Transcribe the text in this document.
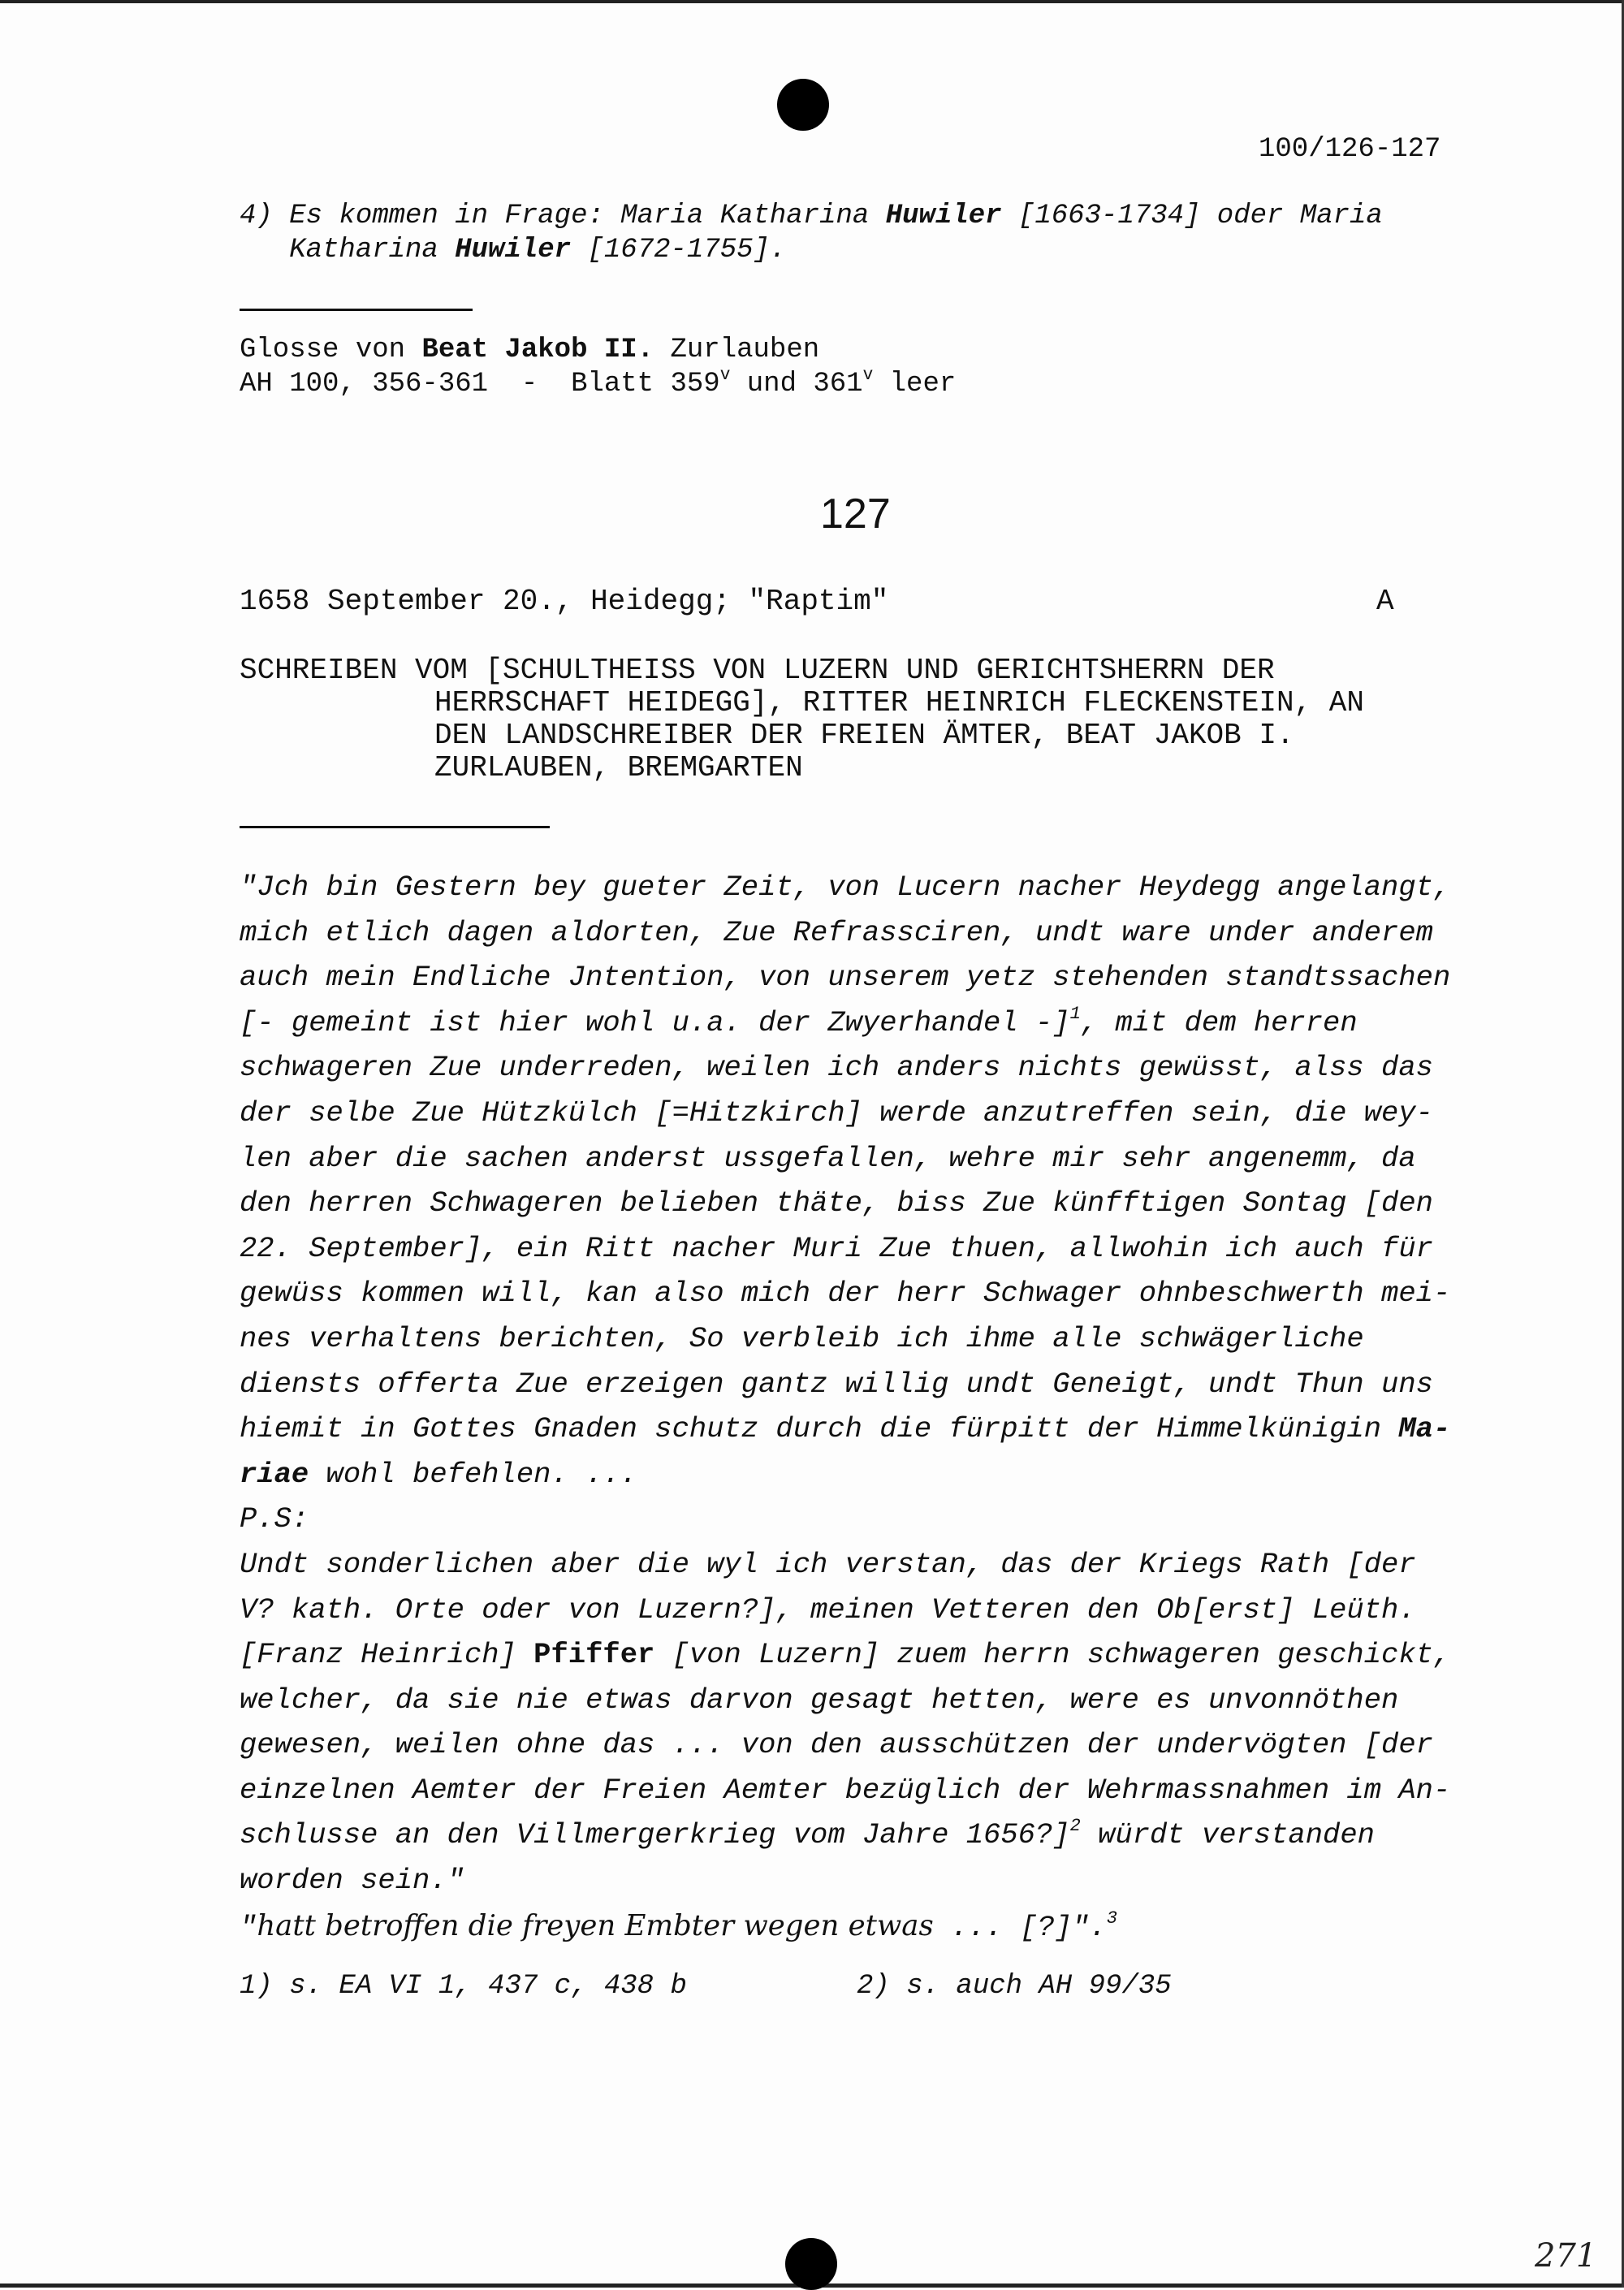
100/126-127
4) Es kommen in Frage: Maria Katharina Huwiler [1663-1734] oder Maria
Katharina Huwiler [1672-1755].
Glosse von Beat Jakob II. Zurlauben
AH 100, 356-361  -  Blatt 359$^v$ und 361$^v$ leer
127
1658 September 20., Heidegg; "Raptim"	A
SCHREIBEN VOM [SCHULTHEISS VON LUZERN UND GERICHTSHERRN DER
HERRSCHAFT HEIDEGG], RITTER HEINRICH FLECKENSTEIN, AN
DEN LANDSCHREIBER DER FREIEN ÄMTER, BEAT JAKOB I.
ZURLAUBEN, BREMGARTEN
"Jch bin Gestern bey gueter Zeit, von Lucern nacher Heydegg angelangt,
mich etlich dagen aldorten, Zue Refrassciren, undt ware under anderem
auch mein Endliche Jntention, von unserem yetz stehenden standtssachen
[- gemeint ist hier wohl u.a. der Zwyerhandel -]$^1$, mit dem herren
schwageren Zue underreden, weilen ich anders nichts gewüsst, alss das
der selbe Zue Hützkülch [=Hitzkirch] werde anzutreffen sein, die wey-
len aber die sachen anderst ussgefallen, wehre mir sehr angenemm, da
den herren Schwageren belieben thäte, biss Zue künfftigen Sontag [den
22. September], ein Ritt nacher Muri Zue thuen, allwohin ich auch für
gewüss kommen will, kan also mich der herr Schwager ohnbeschwerth mei-
nes verhaltens berichten, So verbleib ich ihme alle schwägerliche
diensts offerta Zue erzeigen gantz willig undt Geneigt, undt Thun uns
hiemit in Gottes Gnaden schutz durch die fürpitt der Himmelkünigin Ma-
riae wohl befehlen. ...
P.S:
Undt sonderlichen aber die wyl ich verstan, das der Kriegs Rath [der
V? kath. Orte oder von Luzern?], meinen Vetteren den Ob[erst] Leüth.
[Franz Heinrich] Pfiffer [von Luzern] zuem herrn schwageren geschickt,
welcher, da sie nie etwas darvon gesagt hetten, were es unvonnöthen
gewesen, weilen ohne das ... von den ausschützen der undervögten [der
einzelnen Aemter der Freien Aemter bezüglich der Wehrmassnahmen im An-
schlusse an den Villmergerkrieg vom Jahre 1656?]$^2$ würdt verstanden
worden sein."
"hatt betroffen die freyen Embter wegen etwas ... [?]".$^3$
1) s. EA VI 1, 437 c, 438 b	2) s. auch AH 99/35
271
